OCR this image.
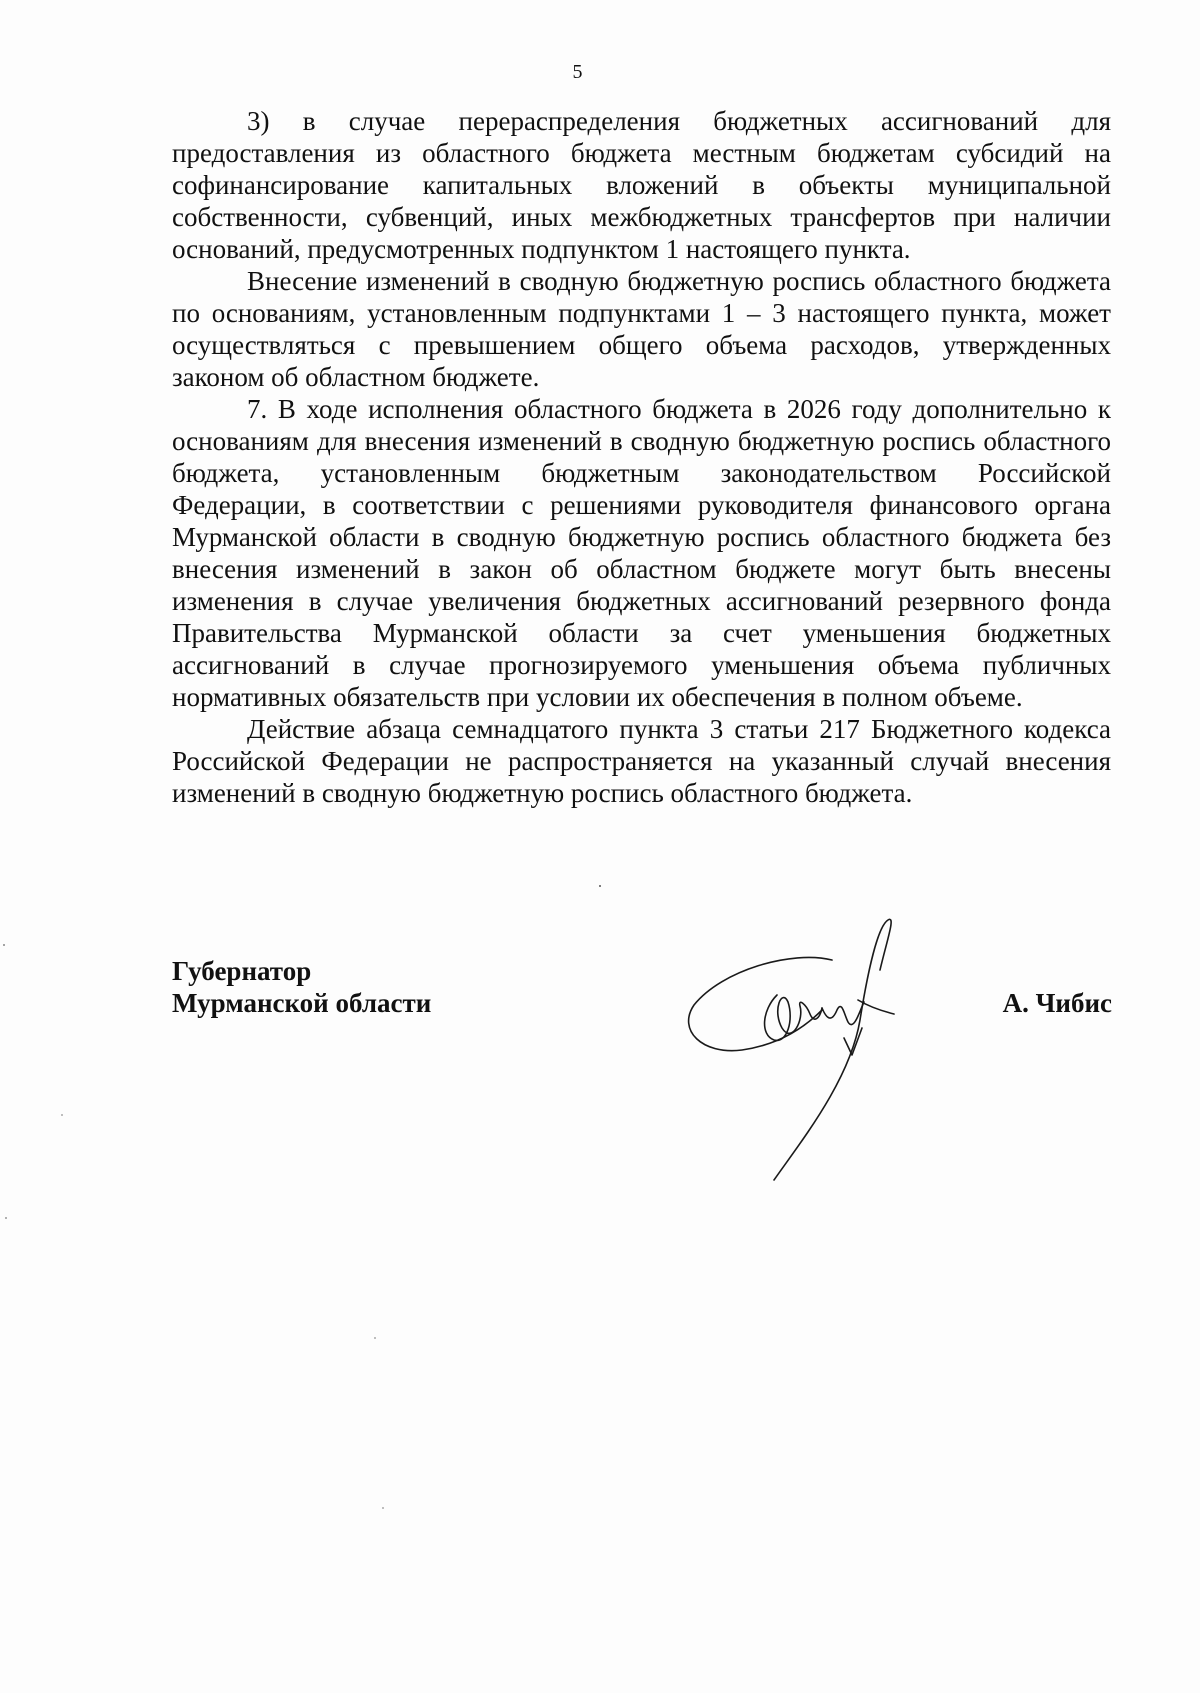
5

3) в случае перераспределения бюджетных ассигнований для предоставления из областного бюджета местным бюджетам субсидий на софинансирование капитальных вложений в объекты муниципальной собственности, субвенций, иных межбюджетных трансфертов при наличии оснований, предусмотренных подпунктом 1 настоящего пункта.

Внесение изменений в сводную бюджетную роспись областного бюджета по основаниям, установленным подпунктами 1 – 3 настоящего пункта, может осуществляться с превышением общего объема расходов, утвержденных законом об областном бюджете.

7. В ходе исполнения областного бюджета в 2026 году дополнительно к основаниям для внесения изменений в сводную бюджетную роспись областного бюджета, установленным бюджетным законодательством Российской Федерации, в соответствии с решениями руководителя финансового органа Мурманской области в сводную бюджетную роспись областного бюджета без внесения изменений в закон об областном бюджете могут быть внесены изменения в случае увеличения бюджетных ассигнований резервного фонда Правительства Мурманской области за счет уменьшения бюджетных ассигнований в случае прогнозируемого уменьшения объема публичных нормативных обязательств при условии их обеспечения в полном объеме.

Действие абзаца семнадцатого пункта 3 статьи 217 Бюджетного кодекса Российской Федерации не распространяется на указанный случай внесения изменений в сводную бюджетную роспись областного бюджета.

Губернатор
Мурманской области	А. Чибис
